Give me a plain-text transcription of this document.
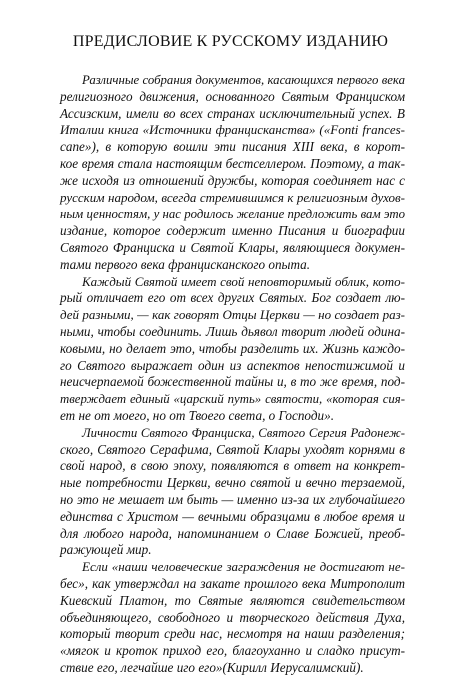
ПРЕДИСЛОВИЕ К РУССКОМУ ИЗДАНИЮ
Различные собрания документов, касающихся первого века
религиозного движения, основанного Святым Франциском
Ассизским, имели во всех странах исключительный успех. В
Италии книга «Источники францисканства» («Fonti frances-
cane»), в которую вошли эти писания XIII века, в корот-
кое время стала настоящим бестселлером. Поэтому, а так-
же исходя из отношений дружбы, которая соединяет нас с
русским народом, всегда стремившимся к религиозным духов-
ным ценностям, у нас родилось желание предложить вам это
издание, которое содержит именно Писания и биографии
Святого Франциска и Святой Клары, являющиеся докумен-
тами первого века францисканского опыта.
Каждый Святой имеет свой неповторимый облик, кото-
рый отличает его от всех других Святых. Бог создает лю-
дей разными, — как говорят Отцы Церкви — но создает раз-
ными, чтобы соединить. Лишь дьявол творит людей одина-
ковыми, но делает это, чтобы разделить их. Жизнь каждо-
го Святого выражает один из аспектов непостижимой и
неисчерпаемой божественной тайны и, в то же время, под-
тверждает единый «царский путь» святости, «которая сия-
ет не от моего, но от Твоего света, о Господи».
Личности Святого Франциска, Святого Сергия Радонеж-
ского, Святого Серафима, Святой Клары уходят корнями в
свой народ, в свою эпоху, появляются в ответ на конкрет-
ные потребности Церкви, вечно святой и вечно терзаемой,
но это не мешает им быть — именно из-за их глубочайшего
единства с Христом — вечными образцами в любое время и
для любого народа, напоминанием о Славе Божией, преоб-
ражующей мир.
Если «наши человеческие заграждения не достигают не-
бес», как утверждал на закате прошлого века Митрополит
Киевский Платон, то Святые являются свидетельством
объединяющего, свободного и творческого действия Духа,
который творит среди нас, несмотря на наши разделения;
«мягок и кроток приход его, благоуханно и сладко присут-
ствие его, легчайше иго его»(Кирилл Иерусалимский).
